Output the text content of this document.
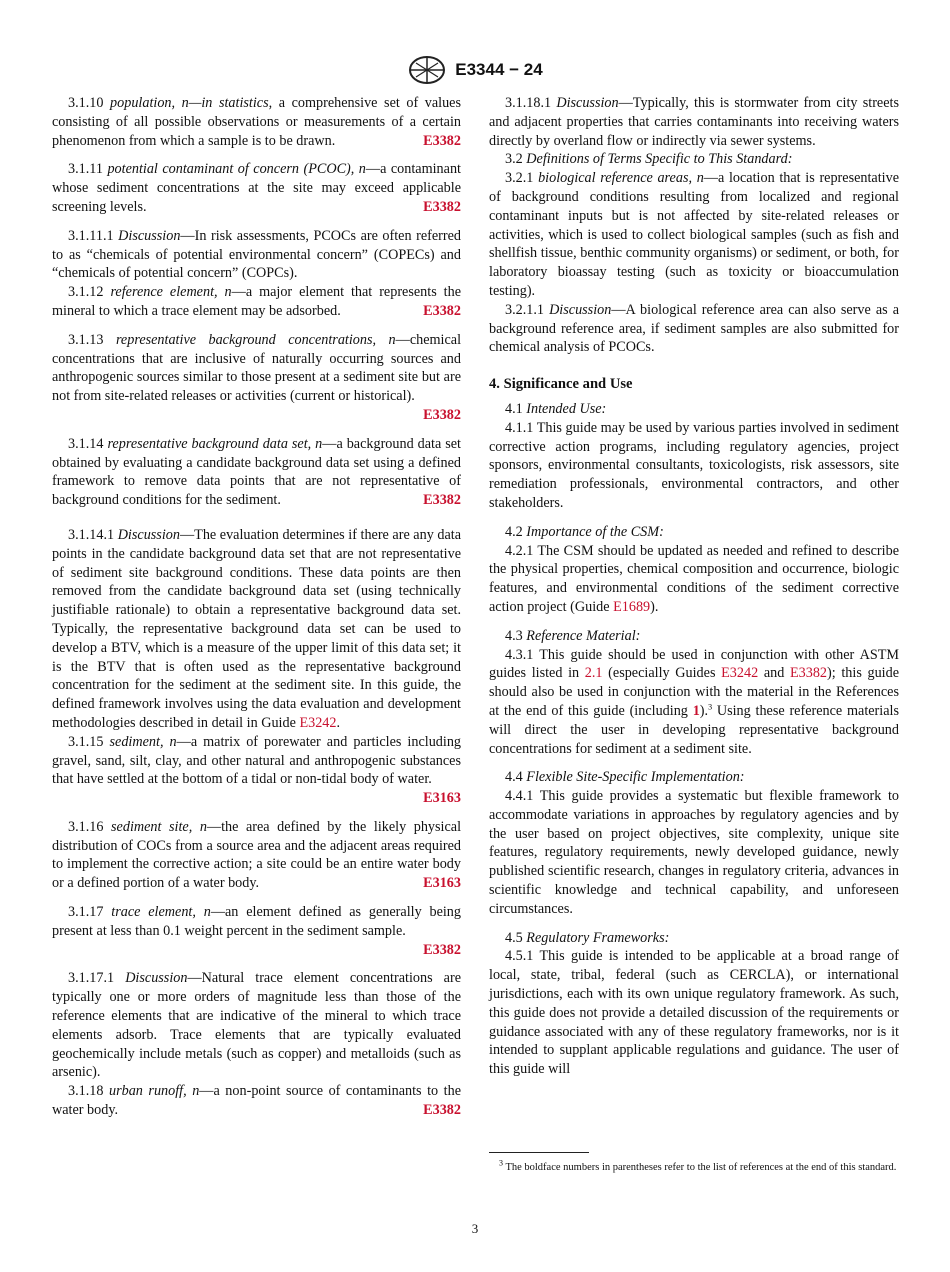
E3344 − 24
3.1.10 population, n—in statistics, a comprehensive set of values consisting of all possible observations or measurements of a certain phenomenon from which a sample is to be drawn.	E3382
3.1.11 potential contaminant of concern (PCOC), n—a contaminant whose sediment concentrations at the site may exceed applicable screening levels.	E3382
3.1.11.1 Discussion—In risk assessments, PCOCs are often referred to as “chemicals of potential environmental concern” (COPECs) and “chemicals of potential concern” (COPCs).
3.1.12 reference element, n—a major element that represents the mineral to which a trace element may be adsorbed.	E3382
3.1.13 representative background concentrations, n—chemical concentrations that are inclusive of naturally occurring sources and anthropogenic sources similar to those present at a sediment site but are not from site-related releases or activities (current or historical).
E3382
3.1.14 representative background data set, n—a background data set obtained by evaluating a candidate background data set using a defined framework to remove data points that are not representative of background conditions for the sediment.	E3382
3.1.14.1 Discussion—The evaluation determines if there are any data points in the candidate background data set that are not representative of sediment site background conditions. These data points are then removed from the candidate background data set (using technically justifiable rationale) to obtain a representative background data set. Typically, the representative background data set can be used to develop a BTV, which is a measure of the upper limit of this data set; it is the BTV that is often used as the representative background concentration for the sediment at the sediment site. In this guide, the defined framework involves using the data evaluation and development methodologies described in detail in Guide E3242.
3.1.15 sediment, n—a matrix of porewater and particles including gravel, sand, silt, clay, and other natural and anthropogenic substances that have settled at the bottom of a tidal or non-tidal body of water.
E3163
3.1.16 sediment site, n—the area defined by the likely physical distribution of COCs from a source area and the adjacent areas required to implement the corrective action; a site could be an entire water body or a defined portion of a water body.	E3163
3.1.17 trace element, n—an element defined as generally being present at less than 0.1 weight percent in the sediment sample.
E3382
3.1.17.1 Discussion—Natural trace element concentrations are typically one or more orders of magnitude less than those of the reference elements that are indicative of the mineral to which trace elements adsorb. Trace elements that are typically evaluated geochemically include metals (such as copper) and metalloids (such as arsenic).
3.1.18 urban runoff, n—a non-point source of contaminants to the water body.	E3382
3.1.18.1 Discussion—Typically, this is stormwater from city streets and adjacent properties that carries contaminants into receiving waters directly by overland flow or indirectly via sewer systems.
3.2 Definitions of Terms Specific to This Standard:
3.2.1 biological reference areas, n—a location that is representative of background conditions resulting from localized and regional contaminant inputs but is not affected by site-related releases or activities, which is used to collect biological samples (such as fish and shellfish tissue, benthic community organisms) or sediment, or both, for laboratory bioassay testing (such as toxicity or bioaccumulation testing).
3.2.1.1 Discussion—A biological reference area can also serve as a background reference area, if sediment samples are also submitted for chemical analysis of PCOCs.
4. Significance and Use
4.1 Intended Use:
4.1.1 This guide may be used by various parties involved in sediment corrective action programs, including regulatory agencies, project sponsors, environmental consultants, toxicologists, risk assessors, site remediation professionals, environmental contractors, and other stakeholders.
4.2 Importance of the CSM:
4.2.1 The CSM should be updated as needed and refined to describe the physical properties, chemical composition and occurrence, biologic features, and environmental conditions of the sediment corrective action project (Guide E1689).
4.3 Reference Material:
4.3.1 This guide should be used in conjunction with other ASTM guides listed in 2.1 (especially Guides E3242 and E3382); this guide should also be used in conjunction with the material in the References at the end of this guide (including 1).$^3$ Using these reference materials will direct the user in developing representative background concentrations for sediment at a sediment site.
4.4 Flexible Site-Specific Implementation:
4.4.1 This guide provides a systematic but flexible framework to accommodate variations in approaches by regulatory agencies and by the user based on project objectives, site complexity, unique site features, regulatory requirements, newly developed guidance, newly published scientific research, changes in regulatory criteria, advances in scientific knowledge and technical capability, and unforeseen circumstances.
4.5 Regulatory Frameworks:
4.5.1 This guide is intended to be applicable at a broad range of local, state, tribal, federal (such as CERCLA), or international jurisdictions, each with its own unique regulatory framework. As such, this guide does not provide a detailed discussion of the requirements or guidance associated with any of these regulatory frameworks, nor is it intended to supplant applicable regulations and guidance. The user of this guide will
$^3$ The boldface numbers in parentheses refer to the list of references at the end of this standard.
3
